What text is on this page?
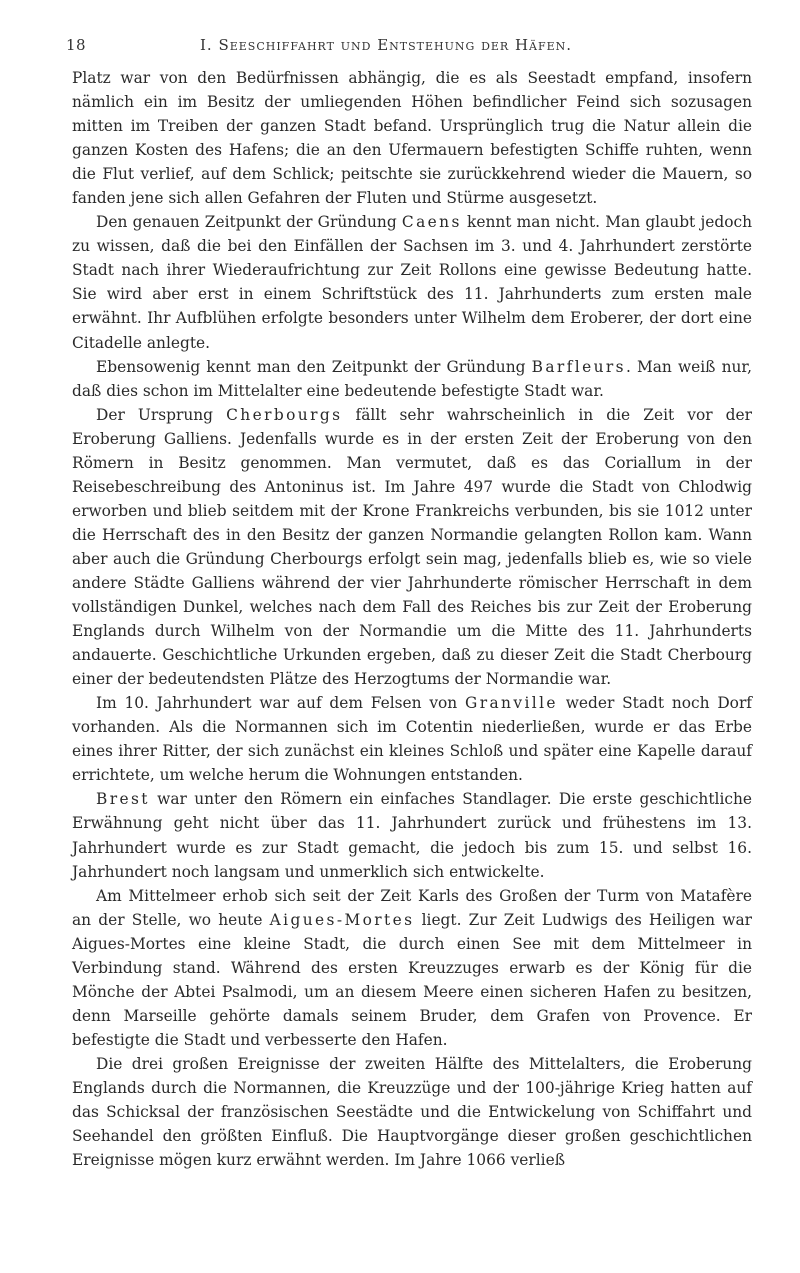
18	I. Seeschiffahrt und Entstehung der Häfen.

Platz war von den Bedürfnissen abhängig, die es als Seestadt empfand, insofern nämlich ein im Besitz der umliegenden Höhen befindlicher Feind sich sozusagen mitten im Treiben der ganzen Stadt befand. Ursprünglich trug die Natur allein die ganzen Kosten des Hafens; die an den Ufermauern befestigten Schiffe ruhten, wenn die Flut verlief, auf dem Schlick; peitschte sie zurückkehrend wieder die Mauern, so fanden jene sich allen Gefahren der Fluten und Stürme ausgesetzt.

Den genauen Zeitpunkt der Gründung Caens kennt man nicht. Man glaubt jedoch zu wissen, daß die bei den Einfällen der Sachsen im 3. und 4. Jahrhundert zerstörte Stadt nach ihrer Wiederaufrichtung zur Zeit Rollons eine gewisse Bedeutung hatte. Sie wird aber erst in einem Schriftstück des 11. Jahrhunderts zum ersten male erwähnt. Ihr Aufblühen erfolgte besonders unter Wilhelm dem Eroberer, der dort eine Citadelle anlegte.

Ebensowenig kennt man den Zeitpunkt der Gründung Barfleurs. Man weiß nur, daß dies schon im Mittelalter eine bedeutende befestigte Stadt war.

Der Ursprung Cherbourgs fällt sehr wahrscheinlich in die Zeit vor der Eroberung Galliens. Jedenfalls wurde es in der ersten Zeit der Eroberung von den Römern in Besitz genommen. Man vermutet, daß es das Coriallum in der Reisebeschreibung des Antoninus ist. Im Jahre 497 wurde die Stadt von Chlodwig erworben und blieb seitdem mit der Krone Frankreichs verbunden, bis sie 1012 unter die Herrschaft des in den Besitz der ganzen Normandie gelangten Rollon kam. Wann aber auch die Gründung Cherbourgs erfolgt sein mag, jedenfalls blieb es, wie so viele andere Städte Galliens während der vier Jahrhunderte römischer Herrschaft in dem vollständigen Dunkel, welches nach dem Fall des Reiches bis zur Zeit der Eroberung Englands durch Wilhelm von der Normandie um die Mitte des 11. Jahrhunderts andauerte. Geschichtliche Urkunden ergeben, daß zu dieser Zeit die Stadt Cherbourg einer der bedeutendsten Plätze des Herzogtums der Normandie war.

Im 10. Jahrhundert war auf dem Felsen von Granville weder Stadt noch Dorf vorhanden. Als die Normannen sich im Cotentin niederließen, wurde er das Erbe eines ihrer Ritter, der sich zunächst ein kleines Schloß und später eine Kapelle darauf errichtete, um welche herum die Wohnungen entstanden.

Brest war unter den Römern ein einfaches Standlager. Die erste geschichtliche Erwähnung geht nicht über das 11. Jahrhundert zurück und frühestens im 13. Jahrhundert wurde es zur Stadt gemacht, die jedoch bis zum 15. und selbst 16. Jahrhundert noch langsam und unmerklich sich entwickelte.

Am Mittelmeer erhob sich seit der Zeit Karls des Großen der Turm von Matafère an der Stelle, wo heute Aigues-Mortes liegt. Zur Zeit Ludwigs des Heiligen war Aigues-Mortes eine kleine Stadt, die durch einen See mit dem Mittelmeer in Verbindung stand. Während des ersten Kreuzzuges erwarb es der König für die Mönche der Abtei Psalmodi, um an diesem Meere einen sicheren Hafen zu besitzen, denn Marseille gehörte damals seinem Bruder, dem Grafen von Provence. Er befestigte die Stadt und verbesserte den Hafen.

Die drei großen Ereignisse der zweiten Hälfte des Mittelalters, die Eroberung Englands durch die Normannen, die Kreuzzüge und der 100-jährige Krieg hatten auf das Schicksal der französischen Seestädte und die Entwickelung von Schiffahrt und Seehandel den größten Einfluß. Die Hauptvorgänge dieser großen geschichtlichen Ereignisse mögen kurz erwähnt werden. Im Jahre 1066 verließ
